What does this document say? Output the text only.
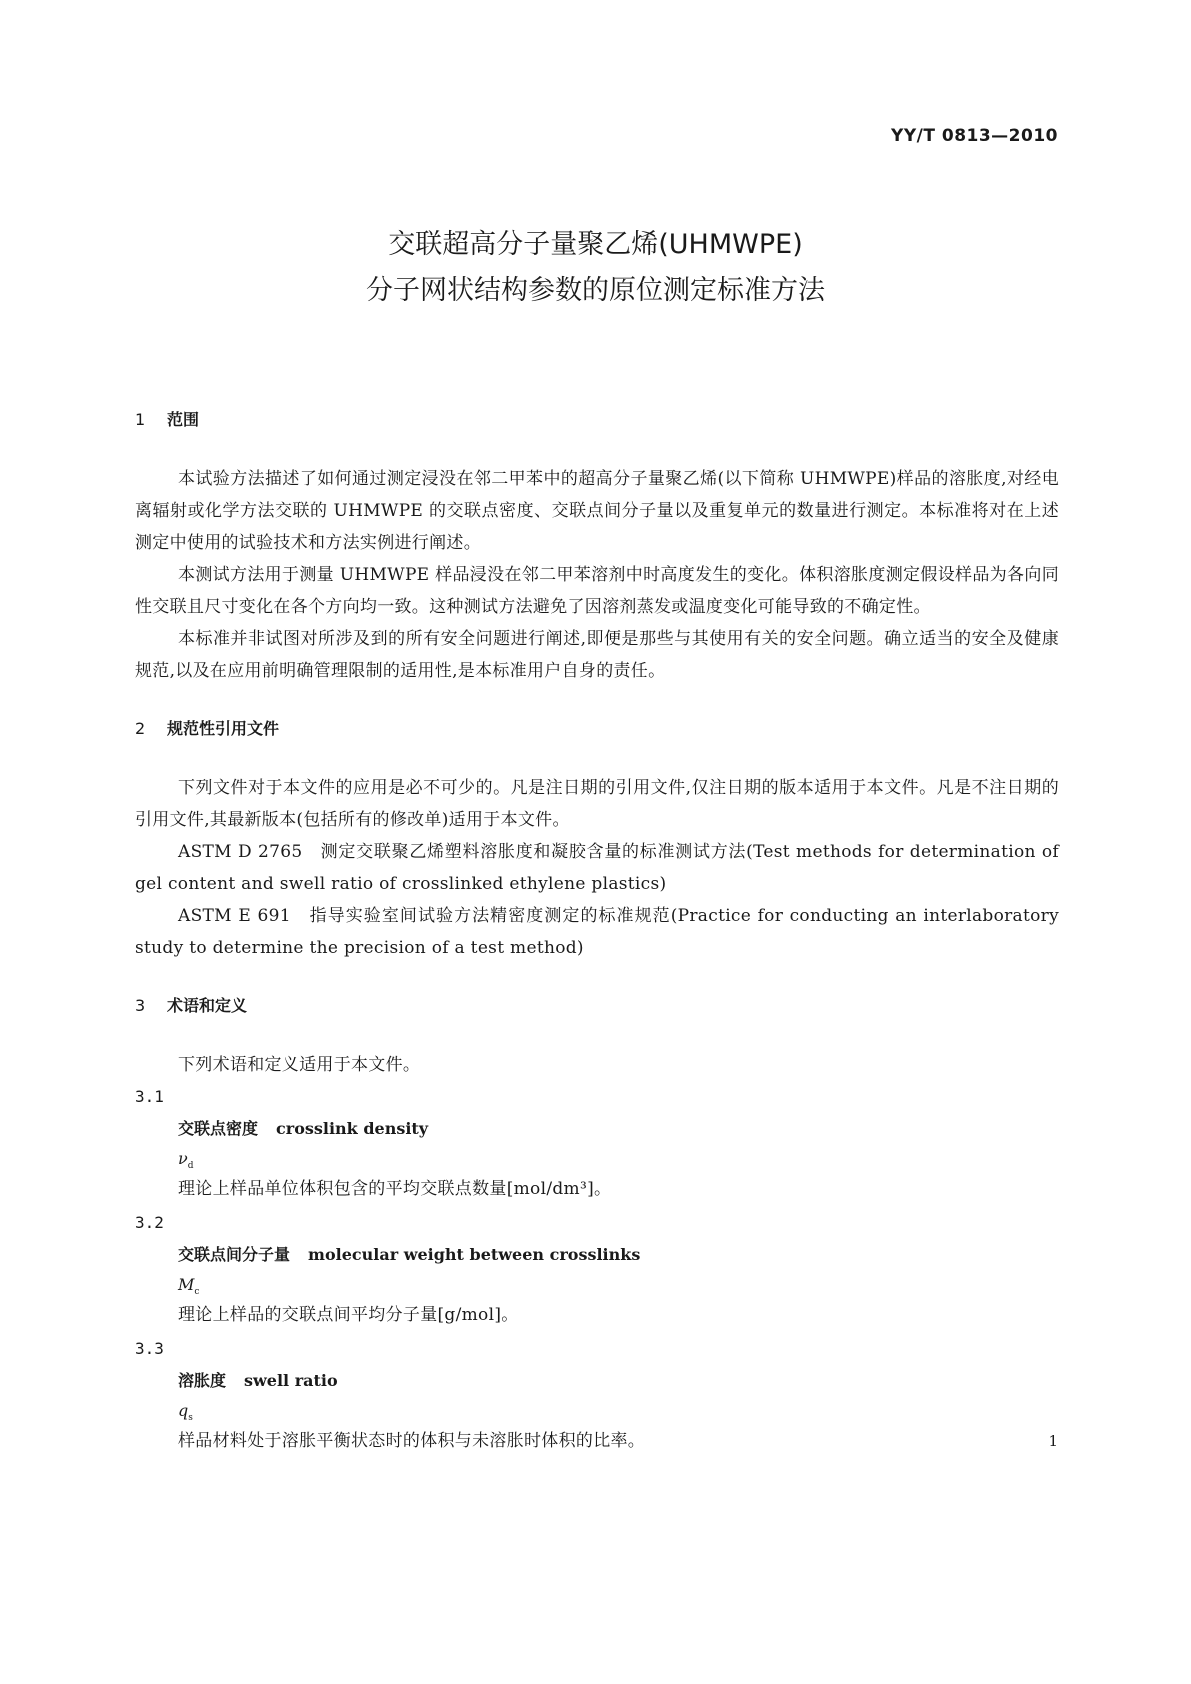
YY/T 0813—2010
交联超高分子量聚乙烯(UHMWPE)
分子网状结构参数的原位测定标准方法
1 范围

本试验方法描述了如何通过测定浸没在邻二甲苯中的超高分子量聚乙烯(以下简称 UHMWPE)样品的溶胀度,对经电离辐射或化学方法交联的 UHMWPE 的交联点密度、交联点间分子量以及重复单元的数量进行测定。本标准将对在上述测定中使用的试验技术和方法实例进行阐述。

本测试方法用于测量 UHMWPE 样品浸没在邻二甲苯溶剂中时高度发生的变化。体积溶胀度测定假设样品为各向同性交联且尺寸变化在各个方向均一致。这种测试方法避免了因溶剂蒸发或温度变化可能导致的不确定性。

本标准并非试图对所涉及到的所有安全问题进行阐述,即便是那些与其使用有关的安全问题。确立适当的安全及健康规范,以及在应用前明确管理限制的适用性,是本标准用户自身的责任。

2 规范性引用文件

下列文件对于本文件的应用是必不可少的。凡是注日期的引用文件,仅注日期的版本适用于本文件。凡是不注日期的引用文件,其最新版本(包括所有的修改单)适用于本文件。

ASTM D 2765　测定交联聚乙烯塑料溶胀度和凝胶含量的标准测试方法(Test methods for determination of gel content and swell ratio of crosslinked ethylene plastics)

ASTM E 691　指导实验室间试验方法精密度测定的标准规范(Practice for conducting an interlaboratory study to determine the precision of a test method)

3 术语和定义

下列术语和定义适用于本文件。

3.1
交联点密度 crosslink density
$\nu_d$
理论上样品单位体积包含的平均交联点数量[mol/dm³]。
3.2
交联点间分子量 molecular weight between crosslinks
$M_c$
理论上样品的交联点间平均分子量[g/mol]。
3.3
溶胀度 swell ratio
$q_s$
样品材料处于溶胀平衡状态时的体积与未溶胀时体积的比率。	1
